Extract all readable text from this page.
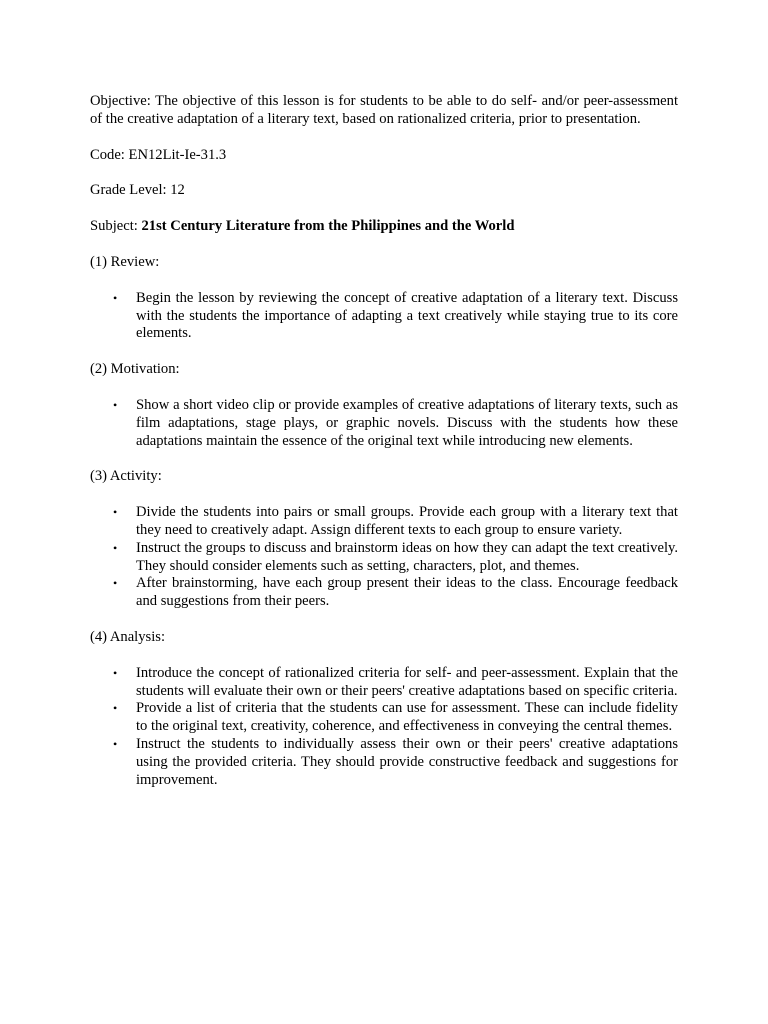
Objective: The objective of this lesson is for students to be able to do self- and/or peer-assessment of the creative adaptation of a literary text, based on rationalized criteria, prior to presentation.

Code: EN12Lit-Ie-31.3

Grade Level: 12

Subject: 21st Century Literature from the Philippines and the World

(1) Review:

• Begin the lesson by reviewing the concept of creative adaptation of a literary text. Discuss with the students the importance of adapting a text creatively while staying true to its core elements.

(2) Motivation:

• Show a short video clip or provide examples of creative adaptations of literary texts, such as film adaptations, stage plays, or graphic novels. Discuss with the students how these adaptations maintain the essence of the original text while introducing new elements.

(3) Activity:

• Divide the students into pairs or small groups. Provide each group with a literary text that they need to creatively adapt. Assign different texts to each group to ensure variety.
• Instruct the groups to discuss and brainstorm ideas on how they can adapt the text creatively. They should consider elements such as setting, characters, plot, and themes.
• After brainstorming, have each group present their ideas to the class. Encourage feedback and suggestions from their peers.

(4) Analysis:

• Introduce the concept of rationalized criteria for self- and peer-assessment. Explain that the students will evaluate their own or their peers' creative adaptations based on specific criteria.
• Provide a list of criteria that the students can use for assessment. These can include fidelity to the original text, creativity, coherence, and effectiveness in conveying the central themes.
• Instruct the students to individually assess their own or their peers' creative adaptations using the provided criteria. They should provide constructive feedback and suggestions for improvement.
